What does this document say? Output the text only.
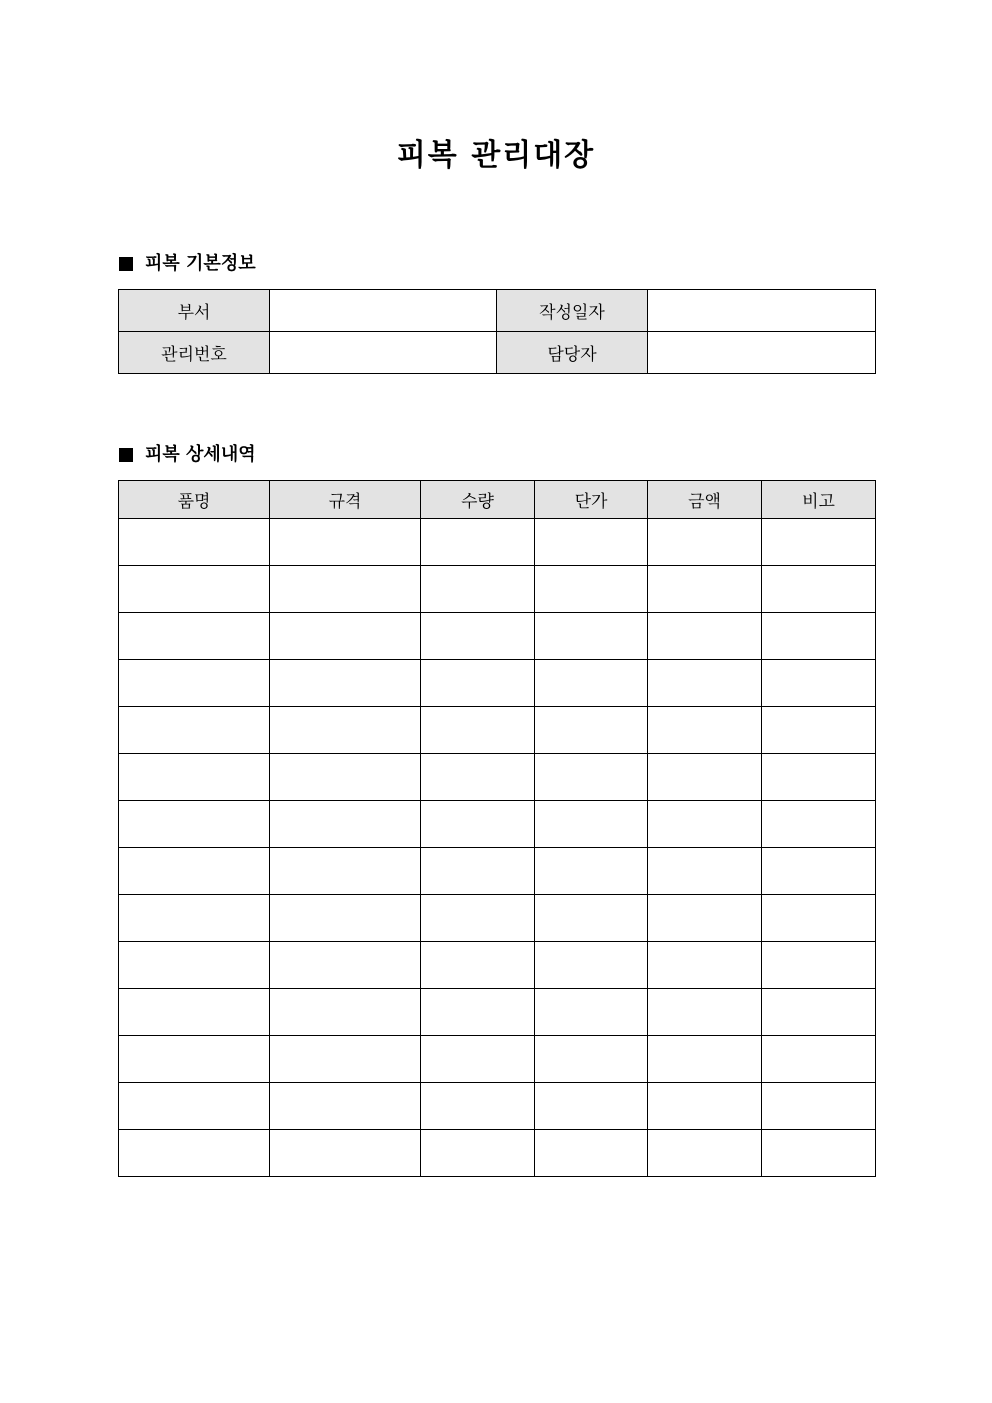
피복 관리대장
피복 기본정보
부서		작성일자	
관리번호		담당자	
피복 상세내역
품명	규격	수량	단가	금액	비고
